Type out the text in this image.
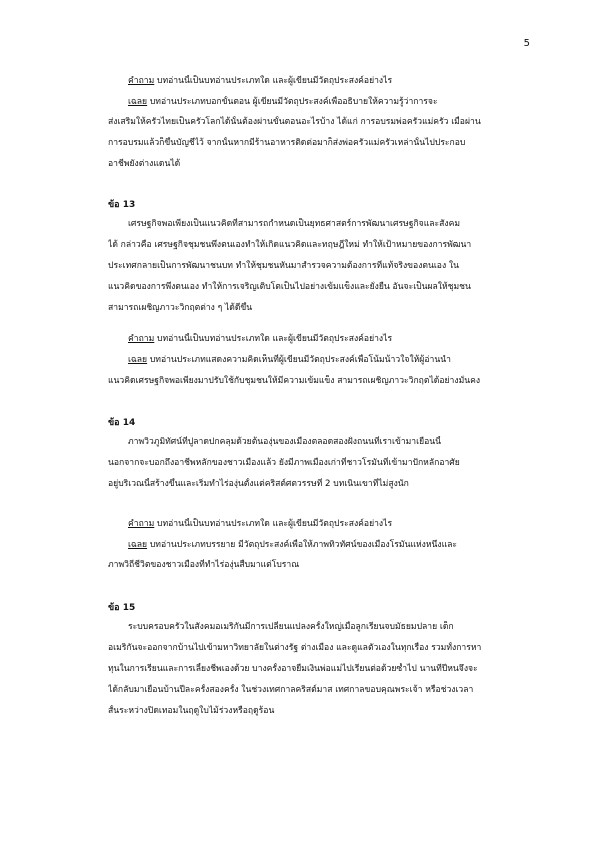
5
คำถาม บทอ่านนี้เป็นบทอ่านประเภทใด และผู้เขียนมีวัตถุประสงค์อย่างไร
เฉลย บทอ่านประเภทบอกขั้นตอน ผู้เขียนมีวัตถุประสงค์เพื่ออธิบายให้ความรู้ว่าการจะ
ส่งเสริมให้ครัวไทยเป็นครัวโลกได้นั้นต้องผ่านขั้นตอนอะไรบ้าง ได้แก่ การอบรมพ่อครัวแม่ครัว เมื่อผ่าน
การอบรมแล้วก็ขึ้นบัญชีไว้ จากนั้นหากมีร้านอาหารติดต่อมาก็ส่งพ่อครัวแม่ครัวเหล่านั้นไปประกอบ
อาชีพยังต่างแดนได้
ข้อ 13
เศรษฐกิจพอเพียงเป็นแนวคิดที่สามารถกำหนดเป็นยุทธศาสตร์การพัฒนาเศรษฐกิจและสังคม
ได้ กล่าวคือ เศรษฐกิจชุมชนพึ่งตนเองทำให้เกิดแนวคิดและทฤษฎีใหม่ ทำให้เป้าหมายของการพัฒนา
ประเทศกลายเป็นการพัฒนาชนบท ทำให้ชุมชนหันมาสำรวจความต้องการที่แท้จริงของตนเอง ใน
แนวคิดของการพึ่งตนเอง ทำให้การเจริญเติบโตเป็นไปอย่างเข้มแข็งและยั่งยืน อันจะเป็นผลให้ชุมชน
สามารถเผชิญภาวะวิกฤตต่าง ๆ ได้ดีขึ้น
คำถาม บทอ่านนี้เป็นบทอ่านประเภทใด และผู้เขียนมีวัตถุประสงค์อย่างไร
เฉลย บทอ่านประเภทแสดงความคิดเห็นที่ผู้เขียนมีวัตถุประสงค์เพื่อโน้มน้าวใจให้ผู้อ่านนำ
แนวคิดเศรษฐกิจพอเพียงมาปรับใช้กับชุมชนให้มีความเข้มแข็ง สามารถเผชิญภาวะวิกฤตได้อย่างมั่นคง
ข้อ 14
ภาพวิวภูมิทัศน์ที่ปูลาดปกคลุมด้วยต้นองุ่นของเมืองตลอดสองฝั่งถนนที่เราเข้ามาเยือนนี้
นอกจากจะบอกถึงอาชีพหลักของชาวเมืองแล้ว ยังมีภาพเมืองเก่าที่ชาวโรมันที่เข้ามาปักหลักอาศัย
อยู่บริเวณนี้สร้างขึ้นและเริ่มทำไร่องุ่นตั้งแต่คริสต์ศตวรรษที่ 2 บทเนินเขาที่ไม่สูงนัก
คำถาม บทอ่านนี้เป็นบทอ่านประเภทใด และผู้เขียนมีวัตถุประสงค์อย่างไร
เฉลย บทอ่านประเภทบรรยาย มีวัตถุประสงค์เพื่อให้ภาพทิวทัศน์ของเมืองโรมันแห่งหนึ่งและ
ภาพวิถีชีวิตของชาวเมืองที่ทำไร่องุ่นสืบมาแต่โบราณ
ข้อ 15
ระบบครอบครัวในสังคมอเมริกันมีการเปลี่ยนแปลงครั้งใหญ่เมื่อลูกเรียนจบมัธยมปลาย เด็ก
อเมริกันจะออกจากบ้านไปเข้ามหาวิทยาลัยในต่างรัฐ ต่างเมือง และดูแลตัวเองในทุกเรื่อง รวมทั้งการหา
ทุนในการเรียนและการเลี้ยงชีพเองด้วย บางครั้งอาจยืมเงินพ่อแม่ไปเรียนต่อด้วยซ้ำไป นานทีปีหนจึงจะ
ได้กลับมาเยือนบ้านปีละครั้งสองครั้ง ในช่วงเทศกาลคริสต์มาส เทศกาลขอบคุณพระเจ้า หรือช่วงเวลา
สั้นระหว่างปิดเทอมในฤดูใบไม้ร่วงหรือฤดูร้อน
